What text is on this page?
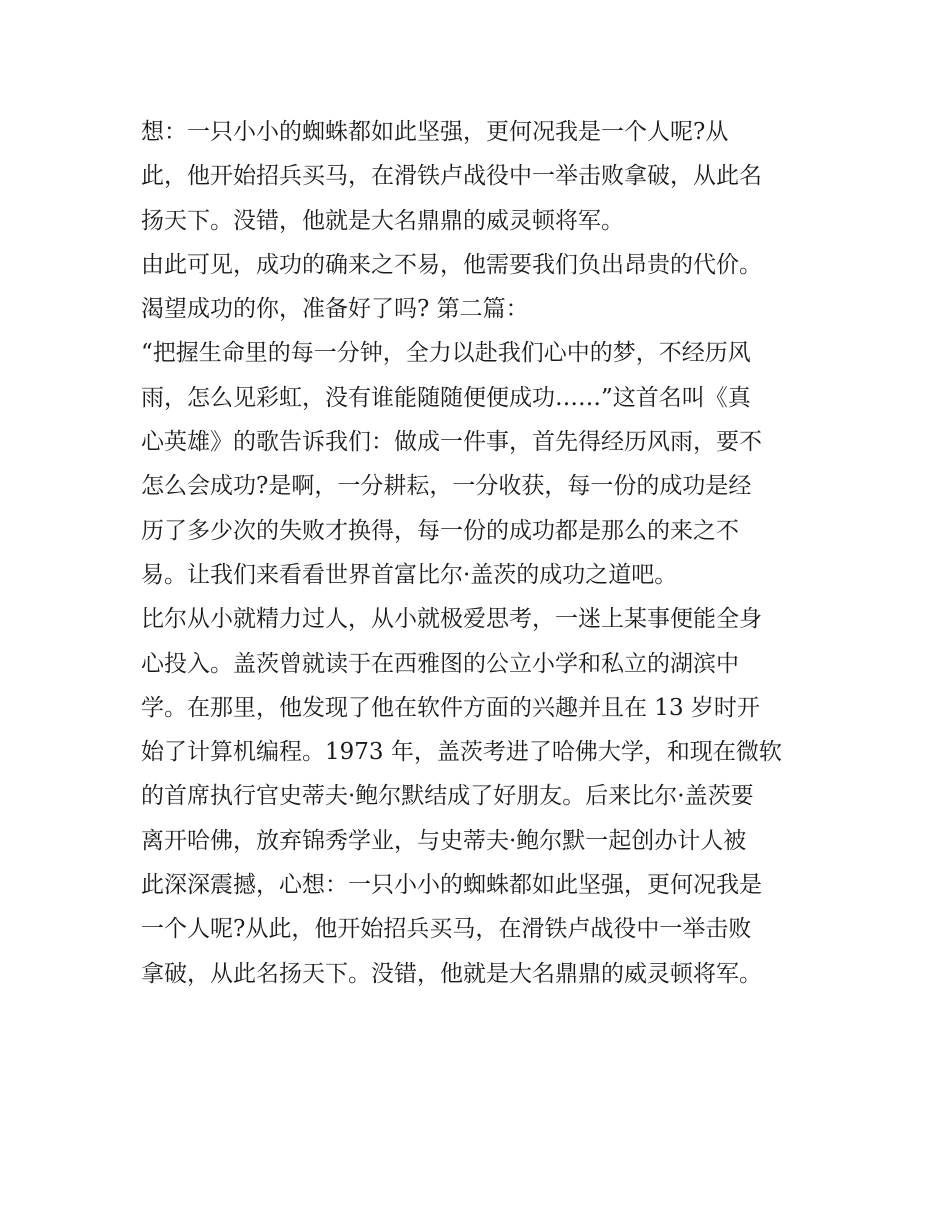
想：一只小小的蜘蛛都如此坚强，更何况我是一个人呢?从
此，他开始招兵买马，在滑铁卢战役中一举击败拿破，从此名
扬天下。没错，他就是大名鼎鼎的威灵顿将军。
由此可见，成功的确来之不易，他需要我们负出昂贵的代价。
渴望成功的你，准备好了吗? 第二篇：
“把握生命里的每一分钟，全力以赴我们心中的梦，不经历风
雨，怎么见彩虹，没有谁能随随便便成功……”这首名叫《真
心英雄》的歌告诉我们：做成一件事，首先得经历风雨，要不
怎么会成功?是啊，一分耕耘，一分收获，每一份的成功是经
历了多少次的失败才换得，每一份的成功都是那么的来之不
易。让我们来看看世界首富比尔·盖茨的成功之道吧。
比尔从小就精力过人，从小就极爱思考，一迷上某事便能全身
心投入。盖茨曾就读于在西雅图的公立小学和私立的湖滨中
学。在那里，他发现了他在软件方面的兴趣并且在 13 岁时开
始了计算机编程。1973 年，盖茨考进了哈佛大学，和现在微软
的首席执行官史蒂夫·鲍尔默结成了好朋友。后来比尔·盖茨要
离开哈佛，放弃锦秀学业，与史蒂夫·鲍尔默一起创办计人被
此深深震撼，心想：一只小小的蜘蛛都如此坚强，更何况我是
一个人呢?从此，他开始招兵买马，在滑铁卢战役中一举击败
拿破，从此名扬天下。没错，他就是大名鼎鼎的威灵顿将军。
